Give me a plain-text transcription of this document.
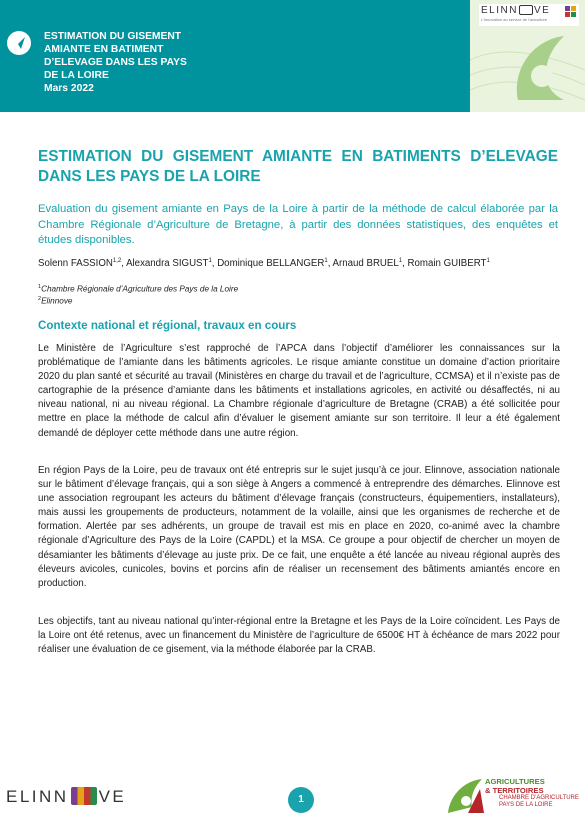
ESTIMATION DU GISEMENT
AMIANTE EN BATIMENT
D’ELEVAGE DANS LES PAYS
DE LA LOIRE
Mars 2022
ELINN VE
L’innovation au service de l’aviculture
ESTIMATION DU GISEMENT AMIANTE EN BATIMENTS D’ELEVAGE DANS LES PAYS DE LA LOIRE
Evaluation du gisement amiante en Pays de la Loire à partir de la méthode de calcul élaborée par la Chambre Régionale d’Agriculture de Bretagne, à partir des données statistiques, des enquêtes et études disponibles.
Solenn FASSION$^{1,2}$, Alexandra SIGUST$^1$, Dominique BELLANGER$^1$, Arnaud BRUEL$^1$, Romain GUIBERT$^1$
$^1$Chambre Régionale d’Agriculture des Pays de la Loire
$^2$Elinnove
Contexte national et régional, travaux en cours
Le Ministère de l’Agriculture s’est rapproché de l’APCA dans l’objectif d’améliorer les connaissances sur la problématique de l’amiante dans les bâtiments agricoles. Le risque amiante constitue un domaine d’action prioritaire 2020 du plan santé et sécurité au travail (Ministères en charge du travail et de l’agriculture, CCMSA) et il n’existe pas de cartographie de la présence d’amiante dans les bâtiments et installations agricoles, en activité ou désaffectés, ni au niveau national, ni au niveau régional. La Chambre régionale d’agriculture de Bretagne (CRAB) a été sollicitée pour mettre en place la méthode de calcul afin d’évaluer le gisement amiante sur son territoire. Il leur a été également demandé de déployer cette méthode dans une autre région.
En région Pays de la Loire, peu de travaux ont été entrepris sur le sujet jusqu’à ce jour. Elinnove, association nationale sur le bâtiment d’élevage français, qui a son siège à Angers a commencé à entreprendre des démarches. Elinnove est une association regroupant les acteurs du bâtiment d’élevage français (constructeurs, équipementiers, installateurs), mais aussi les groupements de producteurs, notamment de la volaille, ainsi que les organismes de recherche et de formation. Alertée par ses adhérents, un groupe de travail est mis en place en 2020, co-animé avec la chambre régionale d’Agriculture des Pays de la Loire (CAPDL) et la MSA. Ce groupe a pour objectif de chercher un moyen de désamianter les bâtiments d’élevage au juste prix. De ce fait, une enquête a été lancée au niveau régional auprès des éleveurs avicoles, cunicoles, bovins et porcins afin de réaliser un recensement des bâtiments amiantés encore en production.
Les objectifs, tant au niveau national qu’inter-régional entre la Bretagne et les Pays de la Loire coïncident. Les Pays de la Loire ont été retenus, avec un financement du Ministère de l’agriculture de 6500€ HT à échéance de mars 2022 pour réaliser une évaluation de ce gisement, via la méthode élaborée par la CRAB.
ELINN VE	1
AGRICULTURES
& TERRITOIRES
CHAMBRE D’AGRICULTURE
PAYS DE LA LOIRE
